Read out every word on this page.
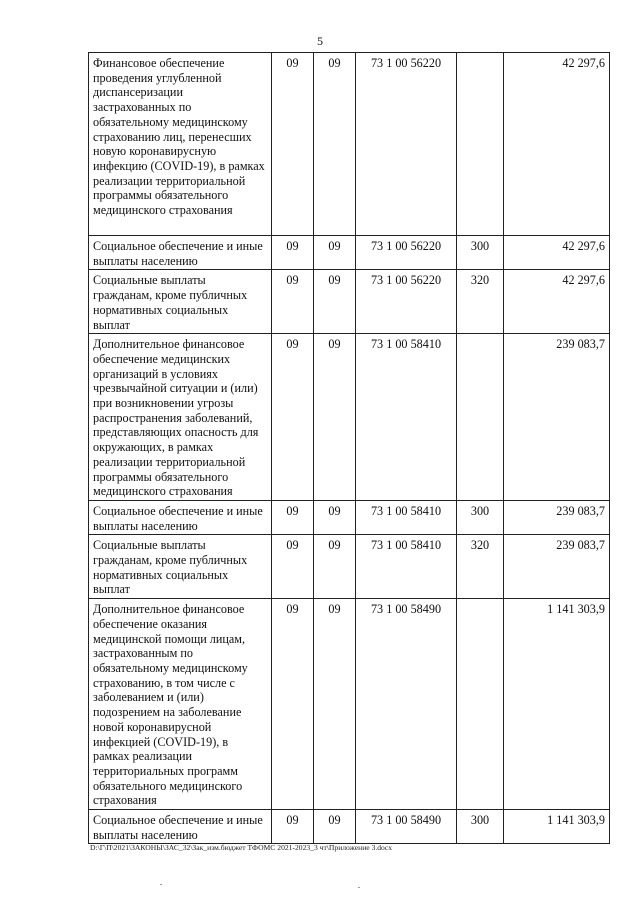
5
Финансовое обеспечение проведения углубленной диспансеризации застрахованных по обязательному медицинскому страхованию лиц, перенесших новую коронавирусную инфекцию (COVID-19), в рамках реализации территориальной программы обязательного медицинского страхования	09	09	73 1 00 56220		42 297,6
Социальное обеспечение и иные выплаты населению	09	09	73 1 00 56220	300	42 297,6
Социальные выплаты гражданам, кроме публичных нормативных социальных выплат	09	09	73 1 00 56220	320	42 297,6
Дополнительное финансовое обеспечение медицинских организаций в условиях чрезвычайной ситуации и (или) при возникновении угрозы распространения заболеваний, представляющих опасность для окружающих, в рамках реализации территориальной программы обязательного медицинского страхования	09	09	73 1 00 58410		239 083,7
Социальное обеспечение и иные выплаты населению	09	09	73 1 00 58410	300	239 083,7
Социальные выплаты гражданам, кроме публичных нормативных социальных выплат	09	09	73 1 00 58410	320	239 083,7
Дополнительное финансовое обеспечение оказания медицинской помощи лицам, застрахованным по обязательному медицинскому страхованию, в том числе с заболеванием и (или) подозрением на заболевание новой коронавирусной инфекцией (COVID-19), в рамках реализации территориальных программ обязательного медицинского страхования	09	09	73 1 00 58490		1 141 303,9
Социальное обеспечение и иные выплаты населению	09	09	73 1 00 58490	300	1 141 303,9
D:\Г\П\2021\ЗАКОНЫ\ЗАС_32\Зак_изм.бюджет ТФОМС 2021-2023_3 чт\Приложение 3.docx
